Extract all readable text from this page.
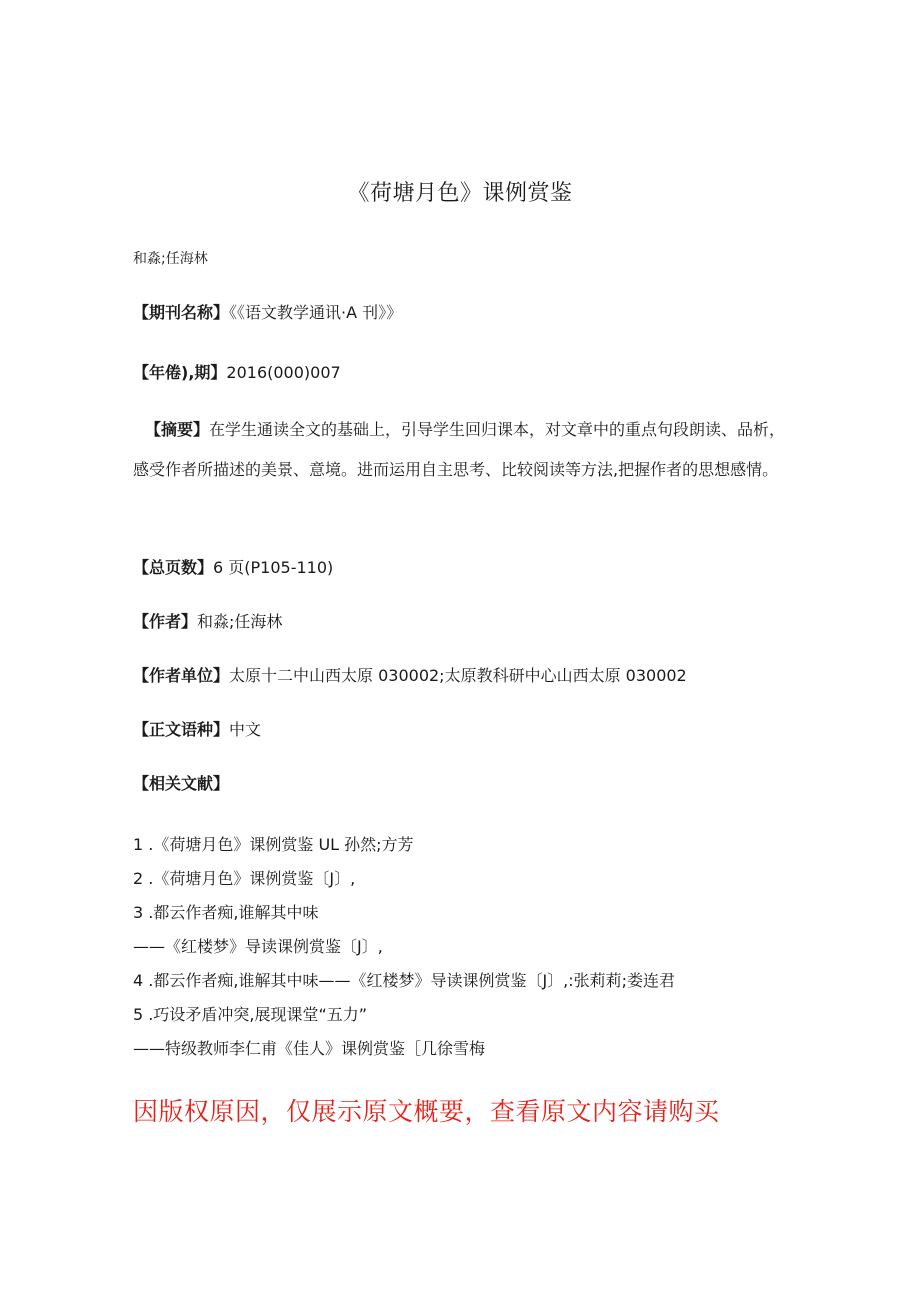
《荷塘月色》课例赏鉴
和淼;任海林
【期刊名称】《《语文教学通讯·A 刊》》
【年倦),期】2016(000)007
【摘要】在学生通读全文的基础上，引导学生回归课本，对文章中的重点句段朗读、品析，感受作者所描述的美景、意境。进而运用自主思考、比较阅读等方法,把握作者的思想感情。
【总页数】6 页(P105-110)
【作者】和淼;任海林
【作者单位】太原十二中山西太原 030002;太原教科研中心山西太原 030002
【正文语种】中文
【相关文献】
1 .《荷塘月色》课例赏鉴 UL 孙然;方芳
2 .《荷塘月色》课例赏鉴〔J〕,
3 .都云作者痴,谁解其中味
——《红楼梦》导读课例赏鉴〔J〕,
4 .都云作者痴,谁解其中味——《红楼梦》导读课例赏鉴〔J〕,:张莉莉;娄连君
5 .巧设矛盾冲突,展现课堂“五力”
——特级教师李仁甫《佳人》课例赏鉴［几徐雪梅
因版权原因，仅展示原文概要，查看原文内容请购买
